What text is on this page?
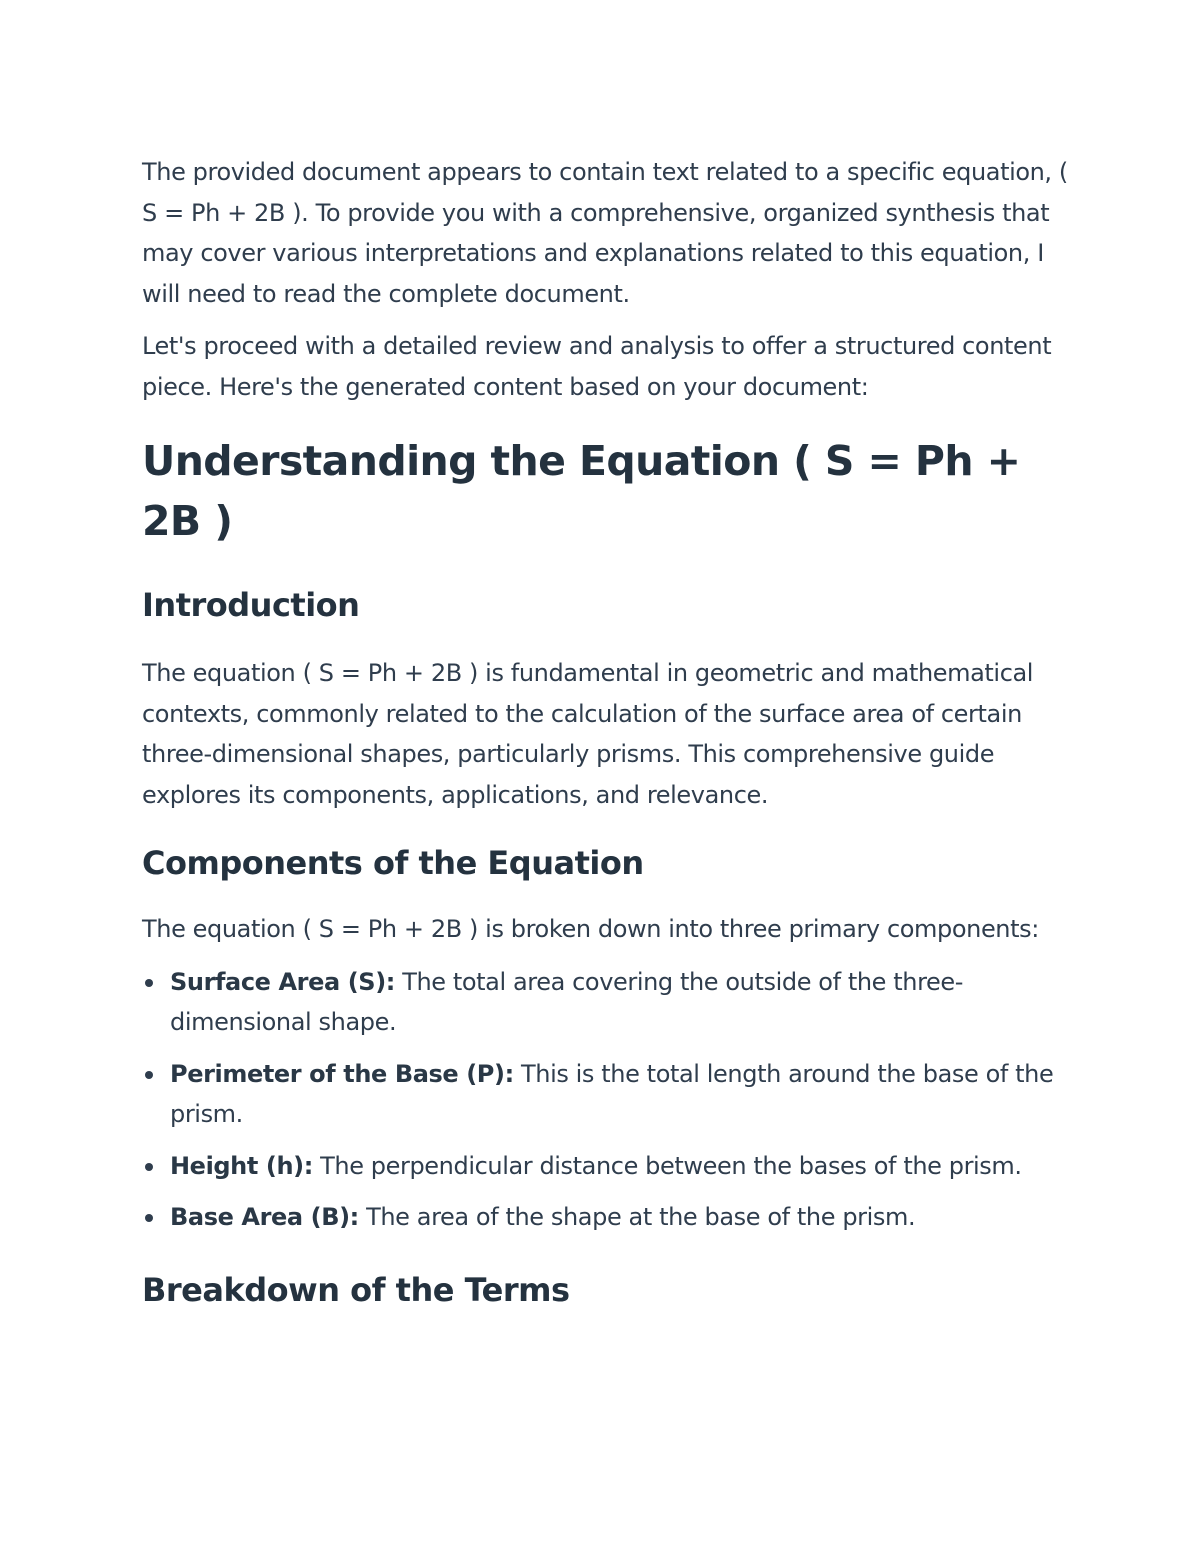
The provided document appears to contain text related to a specific equation, ( S = Ph + 2B ). To provide you with a comprehensive, organized synthesis that may cover various interpretations and explanations related to this equation, I will need to read the complete document.

Let's proceed with a detailed review and analysis to offer a structured content piece. Here's the generated content based on your document:

Understanding the Equation ( S = Ph + 2B )
Introduction

The equation ( S = Ph + 2B ) is fundamental in geometric and mathematical contexts, commonly related to the calculation of the surface area of certain three-dimensional shapes, particularly prisms. This comprehensive guide explores its components, applications, and relevance.

Components of the Equation

The equation ( S = Ph + 2B ) is broken down into three primary components:

Surface Area (S): The total area covering the outside of the three-dimensional shape.
Perimeter of the Base (P): This is the total length around the base of the prism.
Height (h): The perpendicular distance between the bases of the prism.
Base Area (B): The area of the shape at the base of the prism.
Breakdown of the Terms
